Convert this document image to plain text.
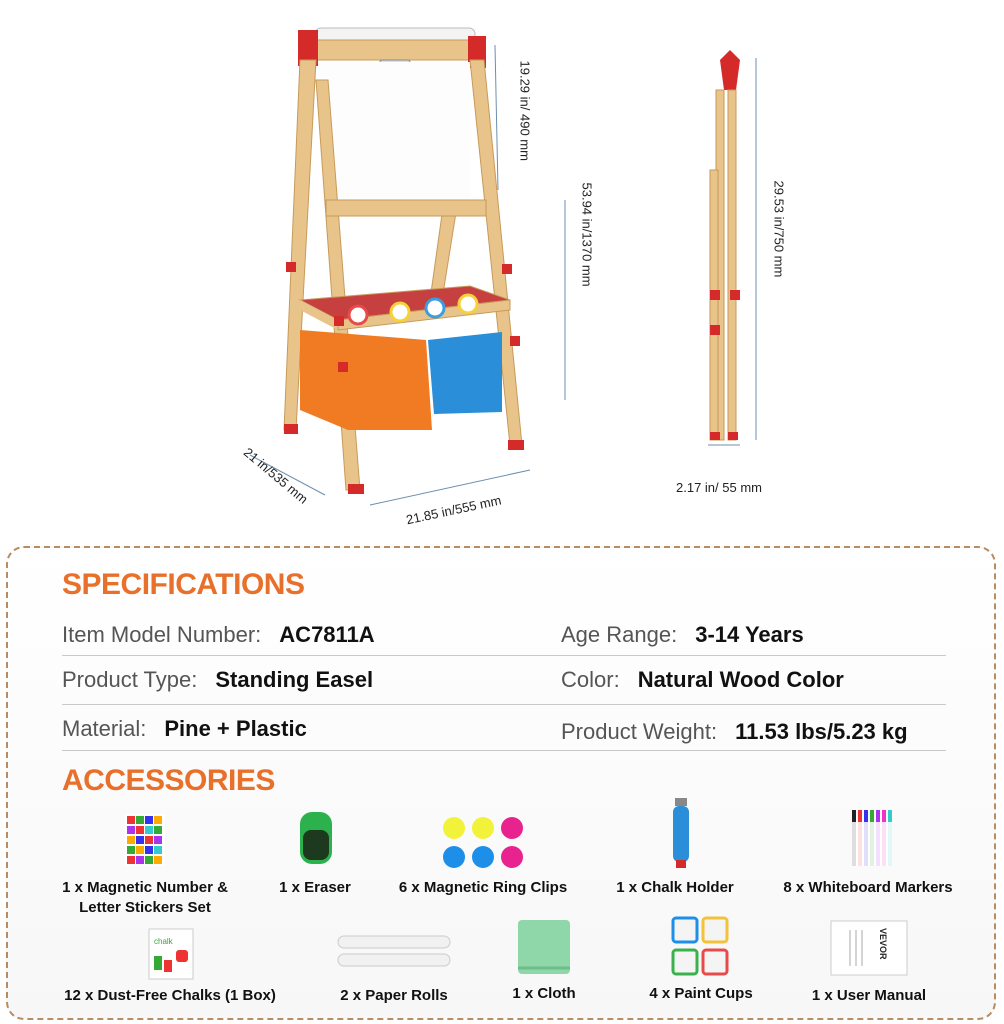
19.29 in/ 490 mm
53.94 in/1370 mm	29.53 in/750 mm
21 in/535 mm
21.85 in/555 mm
2.17 in/ 55 mm
SPECIFICATIONS
Item Model Number: AC7811A	Age Range: 3-14 Years
Product Type: Standing Easel	Color: Natural Wood Color
Material: Pine + Plastic	Product Weight: 11.53 lbs/5.23 kg
ACCESSORIES
1 x Magnetic Number & Letter Stickers Set
1 x Eraser	6 x Magnetic Ring Clips	1 x Chalk Holder	8 x Whiteboard Markers
chalk	VEVOR
12 x Dust-Free Chalks (1 Box)	2 x Paper Rolls	1 x Cloth	4 x Paint Cups	1 x User Manual
